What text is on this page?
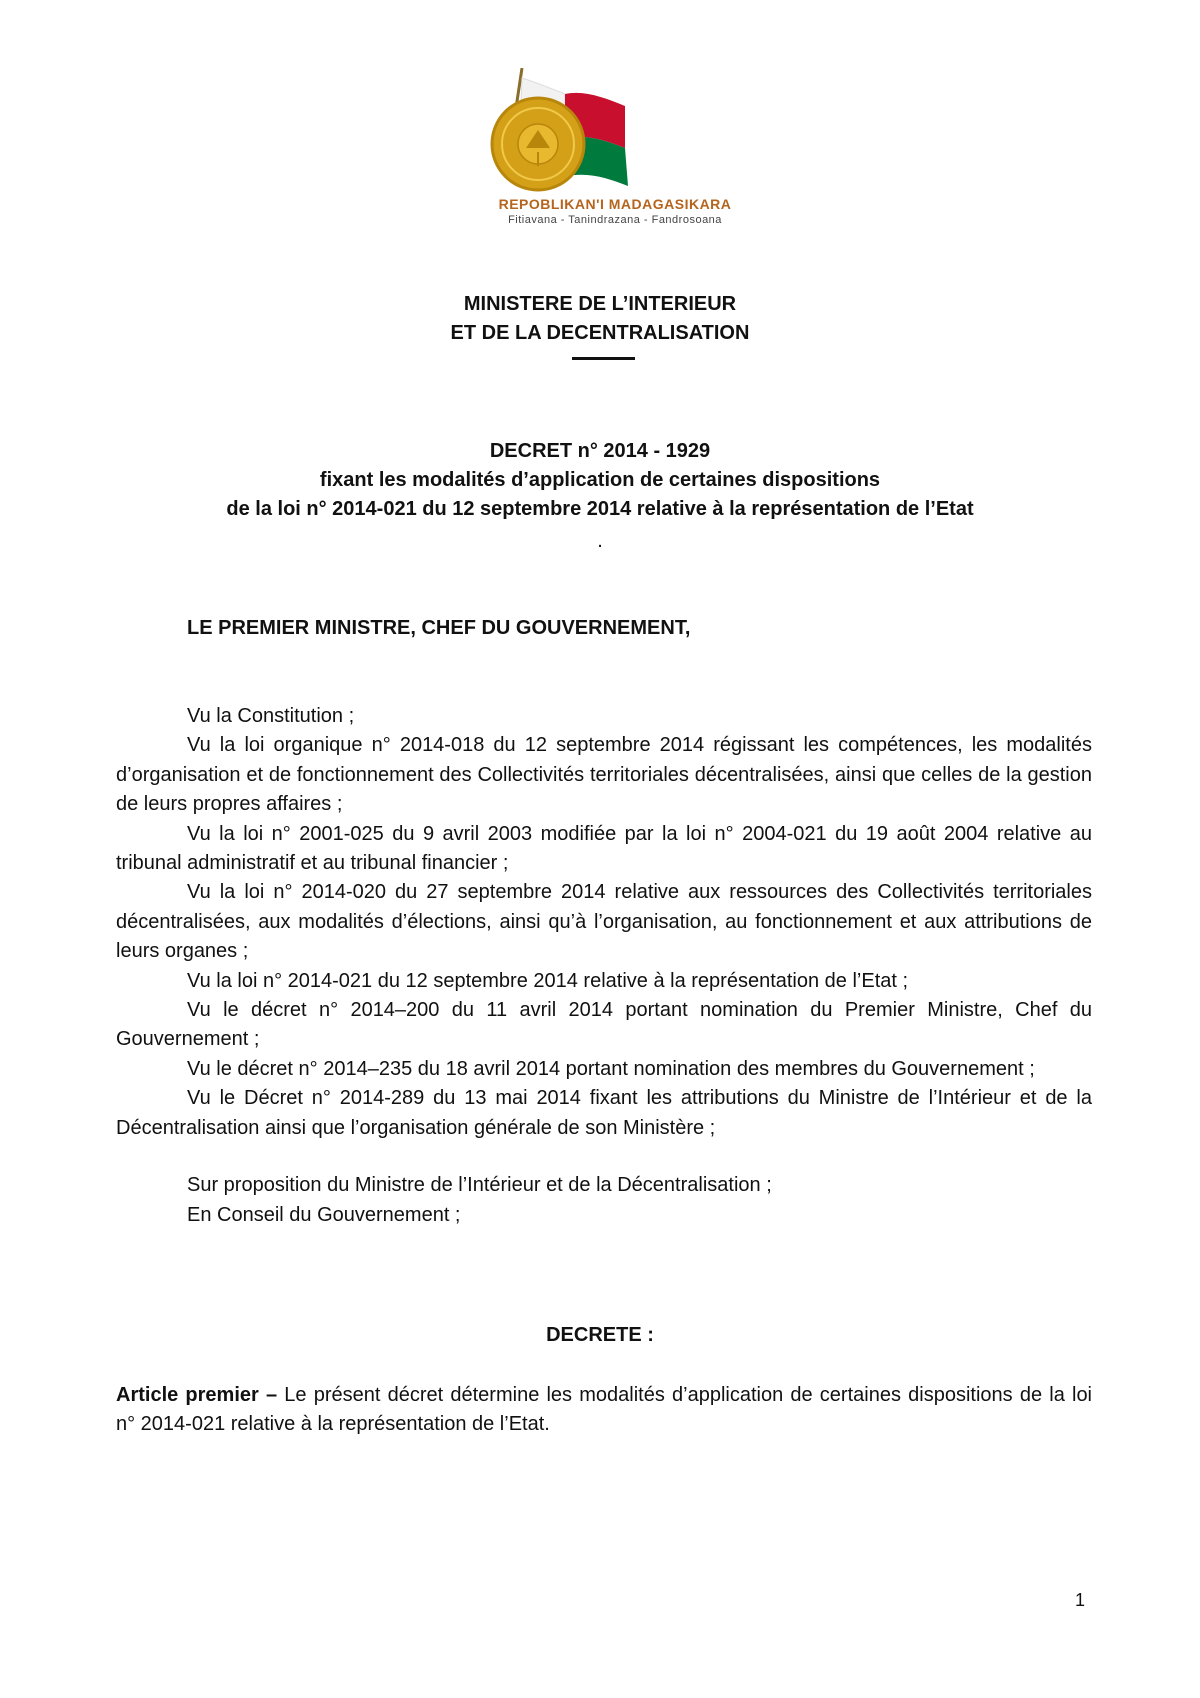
REPOBLIKAN'I MADAGASIKARA
Fitiavana - Tanindrazana - Fandrosoana
MINISTERE DE L’INTERIEUR
ET DE LA DECENTRALISATION
DECRET n° 2014 - 1929
fixant les modalités d’application de certaines dispositions
de la loi n° 2014-021 du 12 septembre 2014 relative à la représentation de l’Etat
.
LE PREMIER MINISTRE, CHEF DU GOUVERNEMENT,

Vu la Constitution ;

Vu la loi organique n° 2014-018 du 12 septembre 2014 régissant les compétences, les modalités d’organisation et de fonctionnement des Collectivités territoriales décentralisées, ainsi que celles de la gestion de leurs propres affaires ;

Vu la loi n° 2001-025 du 9 avril 2003 modifiée par la loi n° 2004-021 du 19 août 2004 relative au tribunal administratif et au tribunal financier ;

Vu la loi n° 2014-020 du 27 septembre 2014 relative aux ressources des Collectivités territoriales décentralisées, aux modalités d’élections, ainsi qu’à l’organisation, au fonctionnement et aux attributions de leurs organes ;

Vu la loi n° 2014-021 du 12 septembre 2014 relative à la représentation de l’Etat ;

Vu le décret n° 2014–200 du 11 avril 2014 portant nomination du Premier Ministre, Chef du Gouvernement ;

Vu le décret n° 2014–235 du 18 avril 2014 portant nomination des membres du Gouvernement ;

Vu le Décret n° 2014-289 du 13 mai 2014 fixant les attributions du Ministre de l’Intérieur et de la Décentralisation ainsi que l’organisation générale de son Ministère ;

Sur proposition du Ministre de l’Intérieur et de la Décentralisation ;

En Conseil du Gouvernement ;

DECRETE :

Article premier – Le présent décret détermine les modalités d’application de certaines dispositions de la loi n° 2014-021 relative à la représentation de l’Etat.

1
